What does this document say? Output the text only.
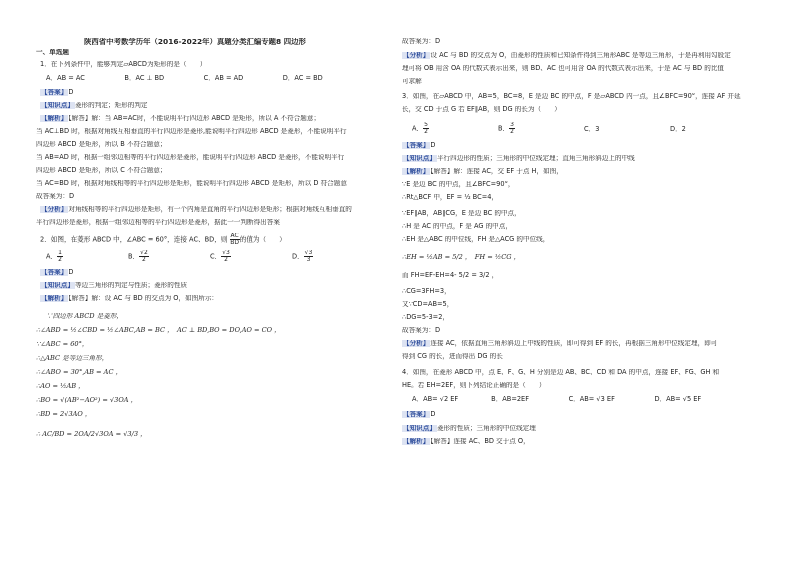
陕西省中考数学历年（2016-2022年）真题分类汇编专题8 四边形
一、单选题
1．在下列条件中，能够判定▱ABCD为矩形的是（　　）
A．AB = AC　　　　　　B．AC ⊥ BD　　　　　　C．AB = AD　　　　　　D．AC = BD
【答案】D
【知识点】菱形的判定；矩形的判定
【解析】【解答】解：当 AB=AC时，不能说明平行四边形 ABCD 是矩形，所以 A 不符合题意；
当 AC⊥BD 时，根据对角线互相垂直的平行四边形是菱形,能说明平行四边形 ABCD 是菱形，不能说明平行
四边形 ABCD 是矩形，所以 B 不符合题意；
当 AB=AD 时，根据一组邻边相等的平行四边形是菱形，能说明平行四边形 ABCD 是菱形，不能说明平行
四边形 ABCD 是矩形，所以 C 不符合题意；
当 AC=BD 时，根据对角线相等的平行四边形是矩形，能说明平行四边形 ABCD 是矩形，所以 D 符合题意
故答案为：D
【分析】对角线相等的平行四边形是矩形，有一个内角是直角的平行四边形是矩形；根据对角线互相垂直的
平行四边形是菱形，根据一组邻边相等的平行四边形是菱形，据此一一判断得出答案
2．如图，在菱形 ABCD 中，∠ABC = 60°，连接 AC、BD，则 $\frac{AC}{BD}$ 的值为（　　）
A． $\frac{1}{2}$	B． $\frac{√2}{2}$	C． $\frac{√3}{2}$	D． $\frac{√3}{3}$
【答案】D
【知识点】等边三角形的判定与性质；菱形的性质
【解析】【解答】解：设 AC 与 BD 的交点为 O，如图所示：
∵四边形 ABCD 是菱形，
∴∠ABD = ½∠CBD = ½∠ABC,AB = BC ，　AC ⊥ BD,BO = DO,AO = CO ，
∵∠ABC = 60°，
∴△ABC 是等边三角形，
∴∠ABO = 30°,AB = AC ，
∴AO = ½AB ，
∴BO = √(AB²−AO²) = √3OA ，
∴BD = 2√3AO ，
∴ AC/BD = 2OA/2√3OA = √3/3 ，
故答案为：D
【分析】设 AC 与 BD 的交点为 O，由菱形的性质和已知条件得到三角形ABC 是等边三角形，于是再利用勾股定
理可将 OB 用含 OA 的代数式表示出来，则 BD、AC 也可用含 OA 的代数式表示出来，于是 AC 与 BD 的比值
可求解
3．如图，在▱ABCD 中，AB=5，BC=8，E 是边 BC 的中点，F 是▱ABCD 内一点，且∠BFC=90°，连接 AF 并延
长，交 CD 于点 G 若 EF∥AB，则 DG 的长为（　　）
A． $\frac{5}{2}$	B． $\frac{3}{2}$	C．3	D．2
【答案】D
【知识点】平行四边形的性质；三角形的中位线定理；直角三角形斜边上的中线
【解析】【解答】解：连接 AC，交 EF 于点 H，如图，
∵E 是边 BC 的中点，且∠BFC=90°，
∴Rt△BCF 中，EF = ½ BC=4，
∵EF∥AB，AB∥CG，E 是边 BC 的中点，
∴H 是 AC 的中点，F 是 AG 的中点，
∴EH 是△ABC 的中位线，FH 是△ACG 的中位线，
∴EH = ½AB = 5/2 ，　FH = ½CG ，
而 FH=EF-EH=4- 5/2 = 3/2 ，
∴CG=3FH=3，
又∵CD=AB=5，
∴DG=5-3=2，
故答案为：D
【分析】连接 AC，依据直角三角形斜边上中线的性质，即可得到 EF 的长，再根据三角形中位线定理，即可
得到 CG 的长，进而得出 DG 的长
4．如图，在菱形 ABCD 中，点 E、F、G、H 分别是边 AB、BC、CD 和 DA 的中点，连接 EF、FG、GH 和
HE。若 EH=2EF，则下列结论正确的是（　　）
A．AB= √2 EF　　　　　B．AB=2EF　　　　　　C．AB= √3 EF　　　　　　D．AB= √5 EF
【答案】D
【知识点】菱形的性质；三角形的中位线定理
【解析】【解答】连接 AC、BD 交于点 O，
